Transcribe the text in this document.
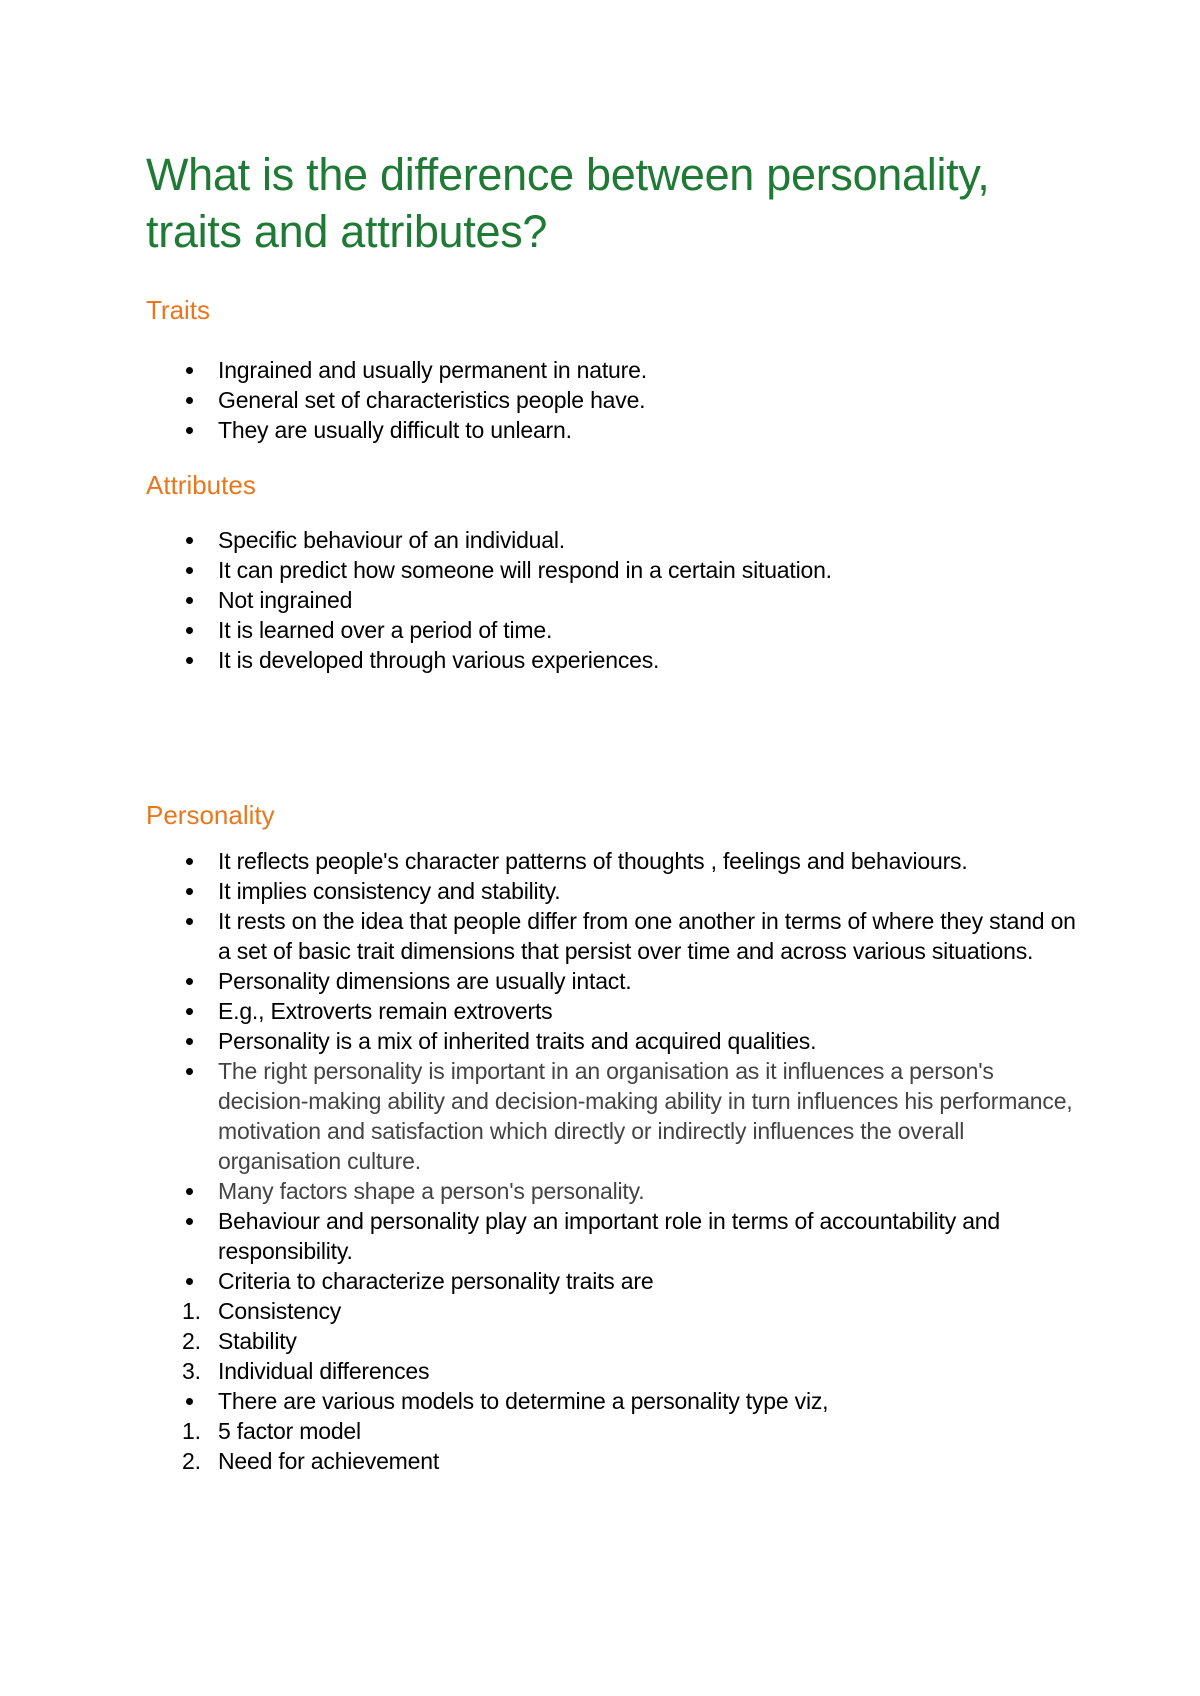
What is the difference between personality, traits and attributes?
Traits
Ingrained and usually permanent in nature.
General set of characteristics people have.
They are usually difficult to unlearn.
Attributes
Specific behaviour of an individual.
It can predict how someone will respond in a certain situation.
Not ingrained
It is learned over a period of time.
It is developed through various experiences.
Personality
It reflects people's character patterns of thoughts , feelings and behaviours.
It implies consistency and stability.
It rests on the idea that people differ from one another in terms of where they stand on a set of basic trait dimensions that persist over time and across various situations.
Personality dimensions are usually intact.
E.g., Extroverts remain extroverts
Personality is a mix of inherited traits and acquired qualities.
The right personality is important in an organisation as it influences a person's decision-making ability and decision-making ability in turn influences his performance, motivation and satisfaction which directly or indirectly influences the overall organisation culture.
Many factors shape a person's personality.
Behaviour and personality play an important role in terms of accountability and responsibility.
Criteria to characterize personality traits are
1. Consistency
2. Stability
3. Individual differences
There are various models to determine a personality type viz,
1. 5 factor model
2. Need for achievement
